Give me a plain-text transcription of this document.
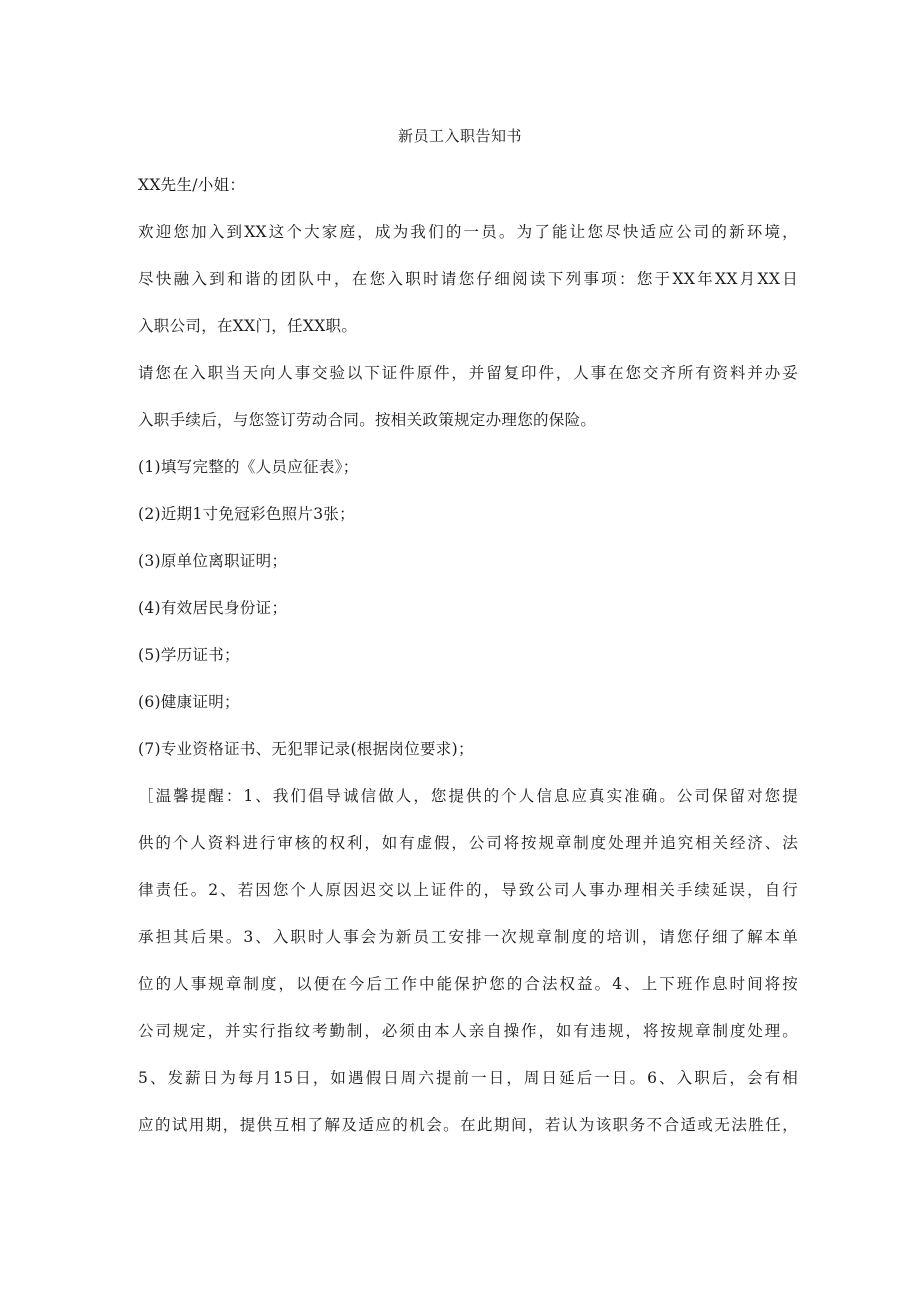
新员工入职告知书
XX先生/小姐：
欢迎您加入到XX这个大家庭，成为我们的一员。为了能让您尽快适应公司的新环境，
尽快融入到和谐的团队中，在您入职时请您仔细阅读下列事项：您于XX年XX月XX日
入职公司，在XX门，任XX职。
请您在入职当天向人事交验以下证件原件，并留复印件，人事在您交齐所有资料并办妥
入职手续后，与您签订劳动合同。按相关政策规定办理您的保险。
(1)填写完整的《人员应征表》；
(2)近期1寸免冠彩色照片3张；
(3)原单位离职证明；
(4)有效居民身份证；
(5)学历证书；
(6)健康证明；
(7)专业资格证书、无犯罪记录(根据岗位要求)；
［温馨提醒：1、我们倡导诚信做人，您提供的个人信息应真实准确。公司保留对您提
供的个人资料进行审核的权利，如有虚假，公司将按规章制度处理并追究相关经济、法
律责任。2、若因您个人原因迟交以上证件的，导致公司人事办理相关手续延误，自行
承担其后果。3、入职时人事会为新员工安排一次规章制度的培训，请您仔细了解本单
位的人事规章制度，以便在今后工作中能保护您的合法权益。4、上下班作息时间将按
公司规定，并实行指纹考勤制，必须由本人亲自操作，如有违规，将按规章制度处理。
5、发薪日为每月15日，如遇假日周六提前一日，周日延后一日。6、入职后，会有相
应的试用期，提供互相了解及适应的机会。在此期间，若认为该职务不合适或无法胜任，
